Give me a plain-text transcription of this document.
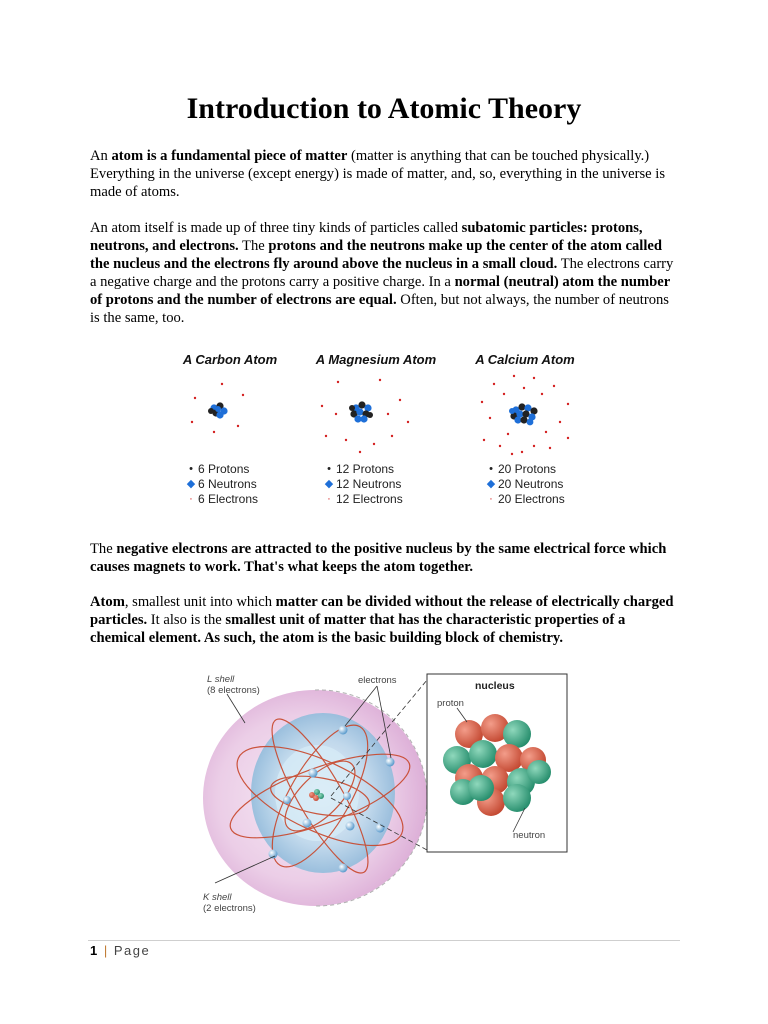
Introduction to Atomic Theory

An atom is a fundamental piece of matter (matter is anything that can be touched physically.) Everything in the universe (except energy) is made of matter, and, so, everything in the universe is made of atoms.

An atom itself is made up of three tiny kinds of particles called subatomic particles: protons, neutrons, and electrons. The protons and the neutrons make up the center of the atom called the nucleus and the electrons fly around above the nucleus in a small cloud. The electrons carry a negative charge and the protons carry a positive charge. In a normal (neutral) atom the number of protons and the number of electrons are equal. Often, but not always, the number of neutrons is the same, too.

A Carbon Atom
• 6 Protons
◆ 6 Neutrons
· 6 Electrons
A Magnesium Atom
• 12 Protons
◆ 12 Neutrons
· 12 Electrons
A Calcium Atom
• 20 Protons
◆ 20 Neutrons
· 20 Electrons

The negative electrons are attracted to the positive nucleus by the same electrical force which causes magnets to work. That's what keeps the atom together.

Atom, smallest unit into which matter can be divided without the release of electrically charged particles. It also is the smallest unit of matter that has the characteristic properties of a chemical element. As such, the atom is the basic building block of chemistry.

L shell
(8 electrons)
electrons	nucleus
proton
neutron
K shell
(2 electrons)
1 | Page
